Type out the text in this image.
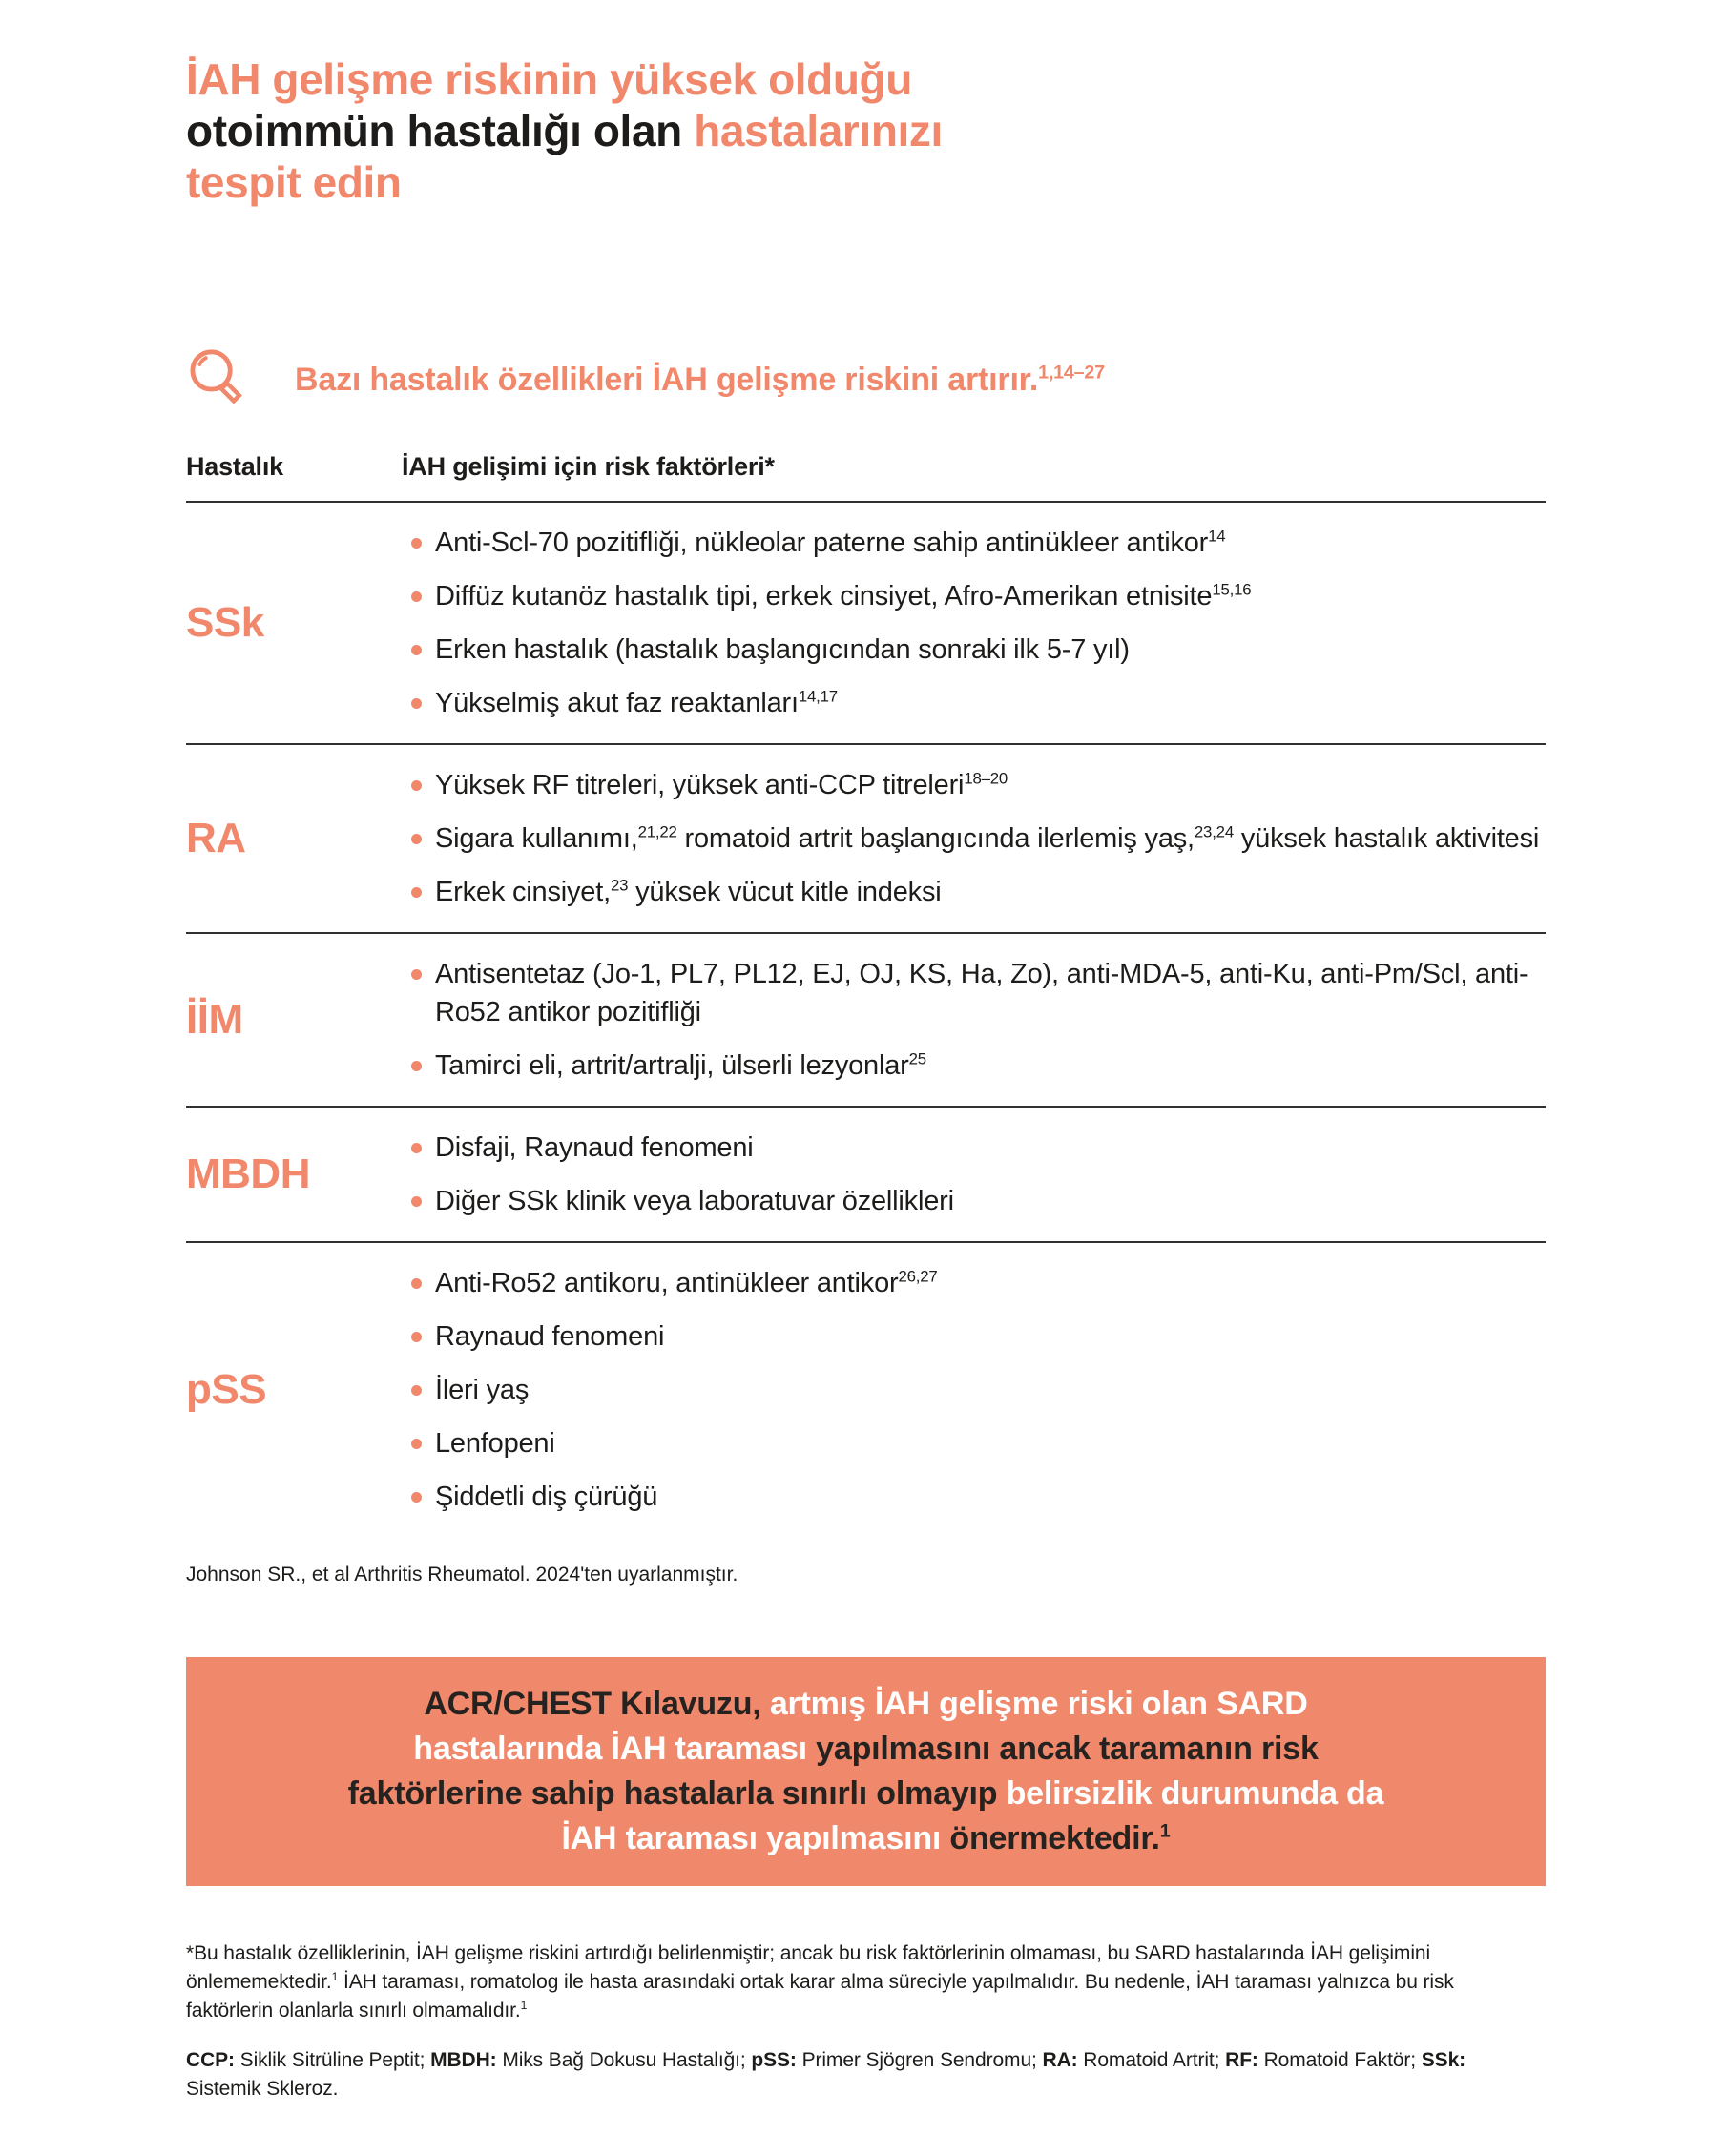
İAH gelişme riskinin yüksek olduğu
otoimmün hastalığı olan hastalarınızı
tespit edin
Bazı hastalık özellikleri İAH gelişme riskini artırır.$^{1,14-27}$
Hastalık	İAH gelişimi için risk faktörleri*
SSk
Anti-Scl-70 pozitifliği, nükleolar paterne sahip antinükleer antikor$^{14}$
Diffüz kutanöz hastalık tipi, erkek cinsiyet, Afro-Amerikan etnisite$^{15,16}$
Erken hastalık (hastalık başlangıcından sonraki ilk 5-7 yıl)
Yükselmiş akut faz reaktanları$^{14,17}$
RA
Yüksek RF titreleri, yüksek anti-CCP titreleri$^{18-20}$
Sigara kullanımı,$^{21,22}$ romatoid artrit başlangıcında ilerlemiş yaş,$^{23,24}$ yüksek hastalık aktivitesi
Erkek cinsiyet,$^{23}$ yüksek vücut kitle indeksi
İİM
Antisentetaz (Jo-1, PL7, PL12, EJ, OJ, KS, Ha, Zo), anti-MDA-5, anti-Ku, anti-Pm/Scl, anti-Ro52 antikor pozitifliği
Tamirci eli, artrit/artralji, ülserli lezyonlar$^{25}$
MBDH
Disfaji, Raynaud fenomeni
Diğer SSk klinik veya laboratuvar özellikleri
pSS
Anti-Ro52 antikoru, antinükleer antikor$^{26,27}$
Raynaud fenomeni
İleri yaş
Lenfopeni
Şiddetli diş çürüğü
Johnson SR., et al Arthritis Rheumatol. 2024'ten uyarlanmıştır.
ACR/CHEST Kılavuzu, artmış İAH gelişme riski olan SARD
hastalarında İAH taraması yapılmasını ancak taramanın risk
faktörlerine sahip hastalarla sınırlı olmayıp belirsizlik durumunda da
İAH taraması yapılmasını önermektedir.$^1$
*Bu hastalık özelliklerinin, İAH gelişme riskini artırdığı belirlenmiştir; ancak bu risk faktörlerinin olmaması, bu SARD hastalarında İAH gelişimini önlememektedir.$^1$ İAH taraması, romatolog ile hasta arasındaki ortak karar alma süreciyle yapılmalıdır. Bu nedenle, İAH taraması yalnızca bu risk faktörlerin olanlarla sınırlı olmamalıdır.$^1$
CCP: Siklik Sitrüline Peptit; MBDH: Miks Bağ Dokusu Hastalığı; pSS: Primer Sjögren Sendromu; RA: Romatoid Artrit; RF: Romatoid Faktör; SSk: Sistemik Skleroz.
